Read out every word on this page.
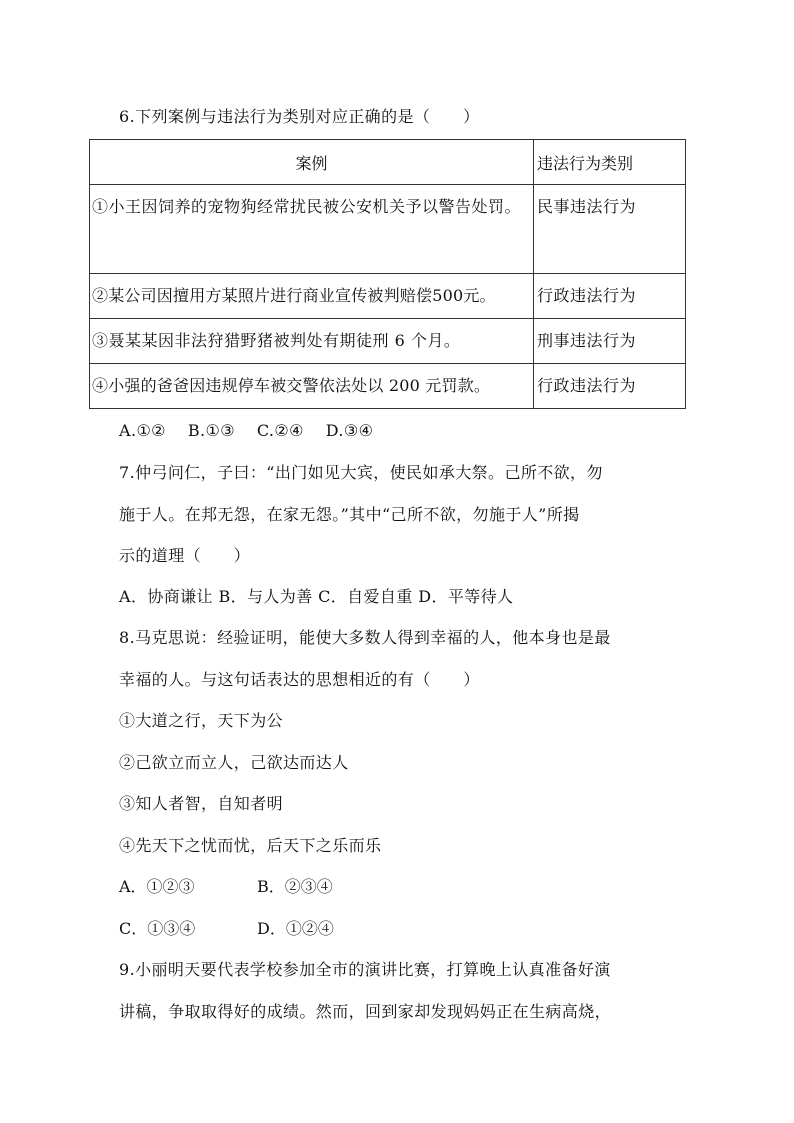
6.下列案例与违法行为类别对应正确的是（　　）
案例	违法行为类别

①小王因饲养的宠物狗经常扰民被公安机关予以警告处罚。	民事违法行为

②某公司因擅用方某照片进行商业宣传被判赔偿500元。	行政违法行为

③聂某某因非法狩猎野猪被判处有期徒刑 6 个月。	刑事违法行为

④小强的爸爸因违规停车被交警依法处以 200 元罚款。	行政违法行为
A.①②　 B.①③　 C.②④　 D.③④
7.仲弓问仁，子曰：“出门如见大宾，使民如承大祭。己所不欲，勿
施于人。在邦无怨，在家无怨。”其中“己所不欲，勿施于人”所揭
示的道理（　　）
A．协商谦让 B．与人为善 C．自爱自重 D．平等待人
8.马克思说：经验证明，能使大多数人得到幸福的人，他本身也是最
幸福的人。与这句话表达的思想相近的有（　　）
①大道之行，天下为公
②己欲立而立人，己欲达而达人
③知人者智，自知者明
④先天下之忧而忧，后天下之乐而乐
A．①②③	B．②③④
C．①③④	D．①②④
9.小丽明天要代表学校参加全市的演讲比赛，打算晚上认真准备好演
讲稿，争取取得好的成绩。然而，回到家却发现妈妈正在生病高烧，
